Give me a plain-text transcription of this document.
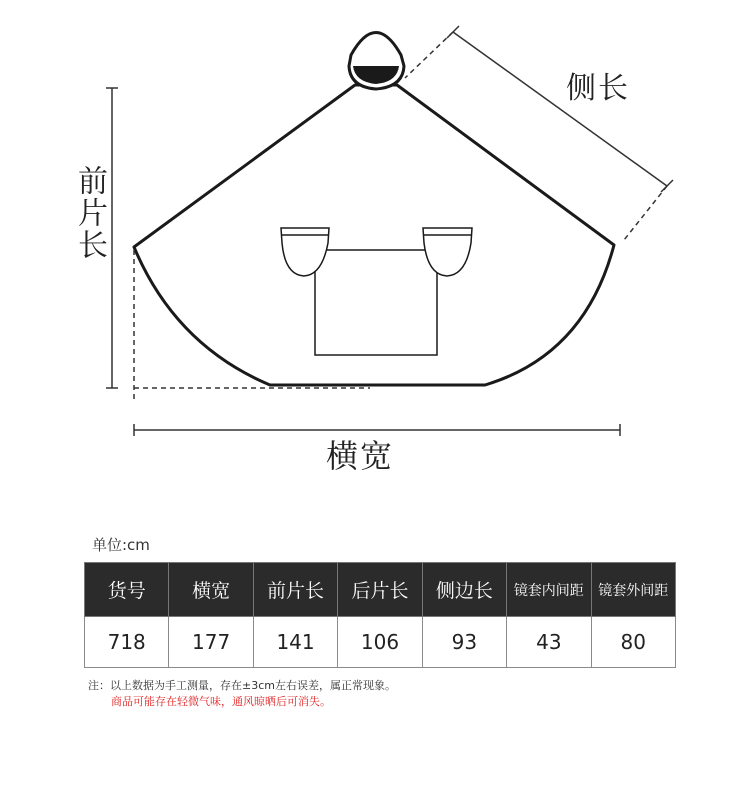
侧长
前片长
横宽
单位:cm
货号	横宽	前片长	后片长	侧边长	镜套内间距	镜套外间距
718	177	141	106	93	43	80
注：以上数据为手工测量，存在±3cm左右误差，属正常现象。
商品可能存在轻微气味，通风晾晒后可消失。
